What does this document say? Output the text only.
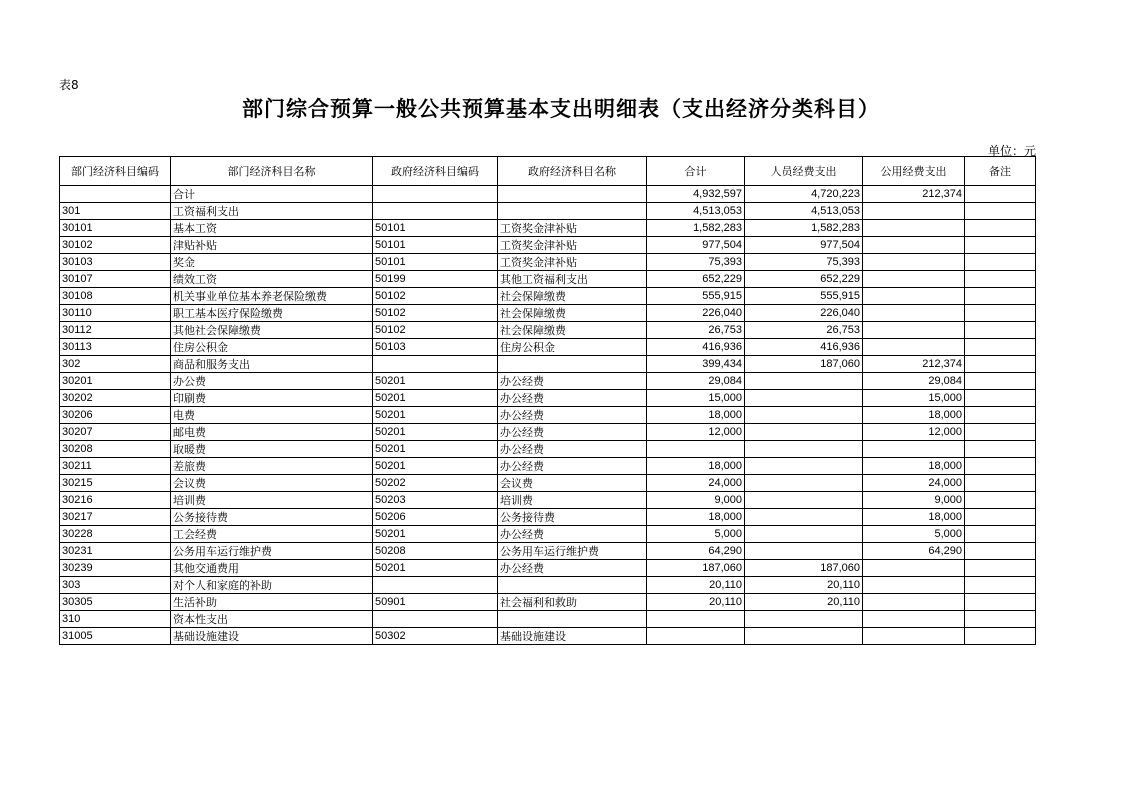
表8
部门综合预算一般公共预算基本支出明细表（支出经济分类科目）
单位：元
部门经济科目编码	部门经济科目名称	政府经济科目编码	政府经济科目名称	合计	人员经费支出	公用经费支出	备注
	合计			4,932,597	4,720,223	212,374	
301	工资福利支出			4,513,053	4,513,053		
30101	基本工资	50101	工资奖金津补贴	1,582,283	1,582,283		
30102	津贴补贴	50101	工资奖金津补贴	977,504	977,504		
30103	奖金	50101	工资奖金津补贴	75,393	75,393		
30107	绩效工资	50199	其他工资福利支出	652,229	652,229		
30108	机关事业单位基本养老保险缴费	50102	社会保障缴费	555,915	555,915		
30110	职工基本医疗保险缴费	50102	社会保障缴费	226,040	226,040		
30112	其他社会保障缴费	50102	社会保障缴费	26,753	26,753		
30113	住房公积金	50103	住房公积金	416,936	416,936		
302	商品和服务支出			399,434	187,060	212,374	
30201	办公费	50201	办公经费	29,084		29,084	
30202	印刷费	50201	办公经费	15,000		15,000	
30206	电费	50201	办公经费	18,000		18,000	
30207	邮电费	50201	办公经费	12,000		12,000	
30208	取暖费	50201	办公经费				
30211	差旅费	50201	办公经费	18,000		18,000	
30215	会议费	50202	会议费	24,000		24,000	
30216	培训费	50203	培训费	9,000		9,000	
30217	公务接待费	50206	公务接待费	18,000		18,000	
30228	工会经费	50201	办公经费	5,000		5,000	
30231	公务用车运行维护费	50208	公务用车运行维护费	64,290		64,290	
30239	其他交通费用	50201	办公经费	187,060	187,060		
303	对个人和家庭的补助			20,110	20,110		
30305	生活补助	50901	社会福利和救助	20,110	20,110		
310	资本性支出						
31005	基础设施建设	50302	基础设施建设				
